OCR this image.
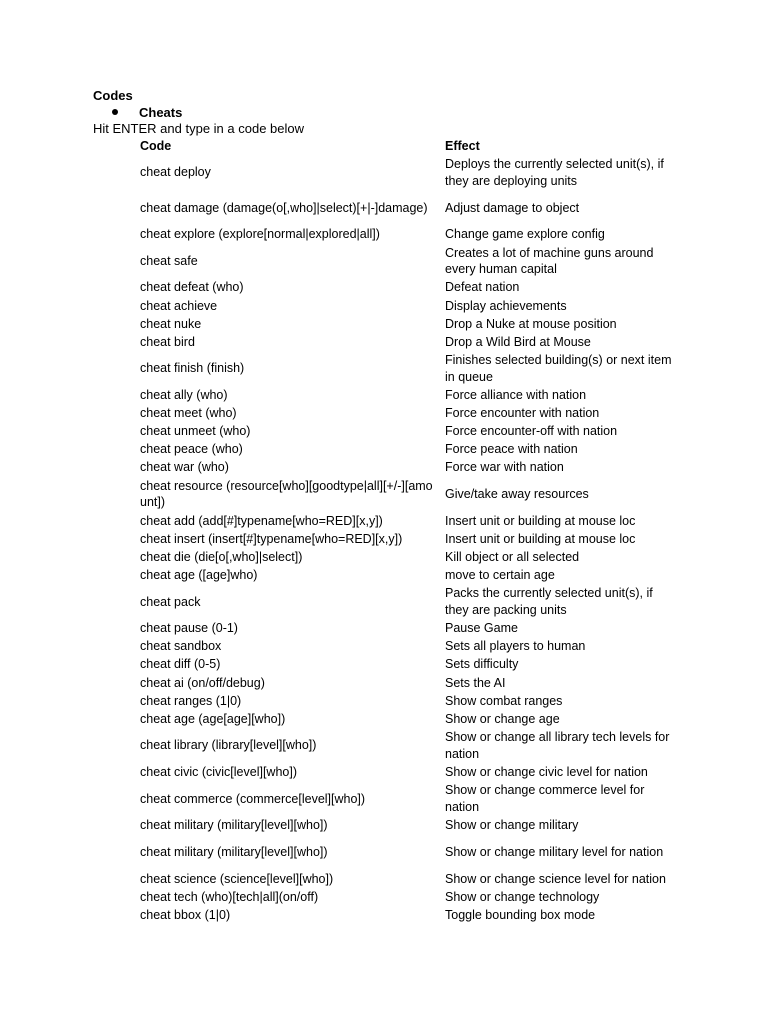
Codes
Cheats
Hit ENTER and type in a code below
Code	Effect
cheat deploy	Deploys the currently selected unit(s), if they are deploying units
cheat damage (damage(o[,who]|select)[+|-]damage)	Adjust damage to object
cheat explore (explore[normal|explored|all])	Change game explore config
cheat safe	Creates a lot of machine guns around every human capital
cheat defeat (who)	Defeat nation
cheat achieve	Display achievements
cheat nuke	Drop a Nuke at mouse position
cheat bird	Drop a Wild Bird at Mouse
cheat finish (finish)	Finishes selected building(s) or next item in queue
cheat ally (who)	Force alliance with nation
cheat meet (who)	Force encounter with nation
cheat unmeet (who)	Force encounter-off with nation
cheat peace (who)	Force peace with nation
cheat war (who)	Force war with nation
cheat resource (resource[who][goodtype|all][+/-][amount])	Give/take away resources
cheat add (add[#]typename[who=RED][x,y])	Insert unit or building at mouse loc
cheat insert (insert[#]typename[who=RED][x,y])	Insert unit or building at mouse loc
cheat die (die[o[,who]|select])	Kill object or all selected
cheat age ([age]who)	move to certain age
cheat pack	Packs the currently selected unit(s), if they are packing units
cheat pause (0-1)	Pause Game
cheat sandbox	Sets all players to human
cheat diff (0-5)	Sets difficulty
cheat ai (on/off/debug)	Sets the AI
cheat ranges (1|0)	Show combat ranges
cheat age (age[age][who])	Show or change age
cheat library (library[level][who])	Show or change all library tech levels for nation
cheat civic (civic[level][who])	Show or change civic level for nation
cheat commerce (commerce[level][who])	Show or change commerce level for nation
cheat military (military[level][who])	Show or change military
cheat military (military[level][who])	Show or change military level for nation
cheat science (science[level][who])	Show or change science level for nation
cheat tech (who)[tech|all](on/off)	Show or change technology
cheat bbox (1|0)	Toggle bounding box mode
